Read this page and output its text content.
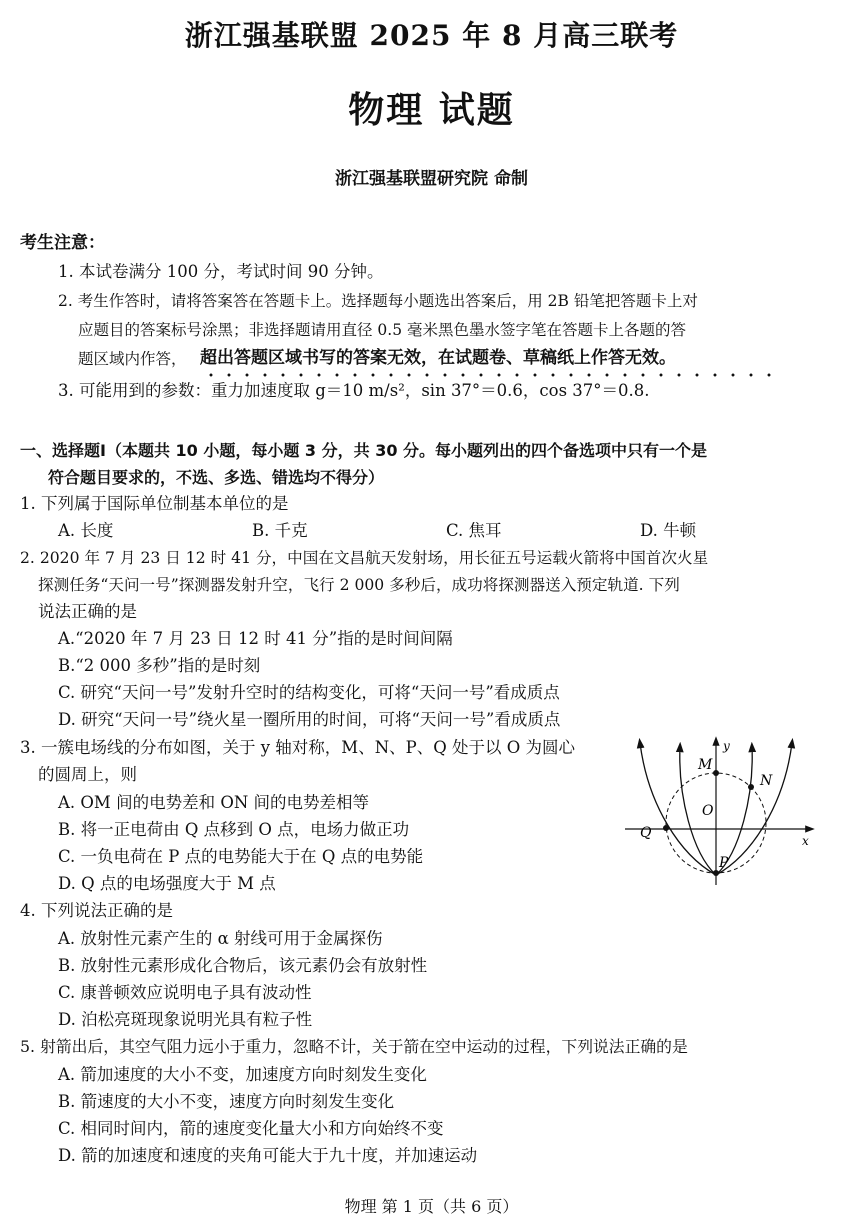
浙江强基联盟 2025 年 8 月高三联考
物理 试题
浙江强基联盟研究院 命制
考生注意：
1. 本试卷满分 100 分，考试时间 90 分钟。
2. 考生作答时，请将答案答在答题卡上。选择题每小题选出答案后，用 2B 铅笔把答题卡上对
应题目的答案标号涂黑；非选择题请用直径 0.5 毫米黑色墨水签字笔在答题卡上各题的答
题区域内作答， 超出答题区域书写的答案无效，在试题卷、草稿纸上作答无效。
3. 可能用到的参数：重力加速度取 g＝10 m/s²，sin 37°＝0.6，cos 37°＝0.8.
一、选择题Ⅰ（本题共 10 小题，每小题 3 分，共 30 分。每小题列出的四个备选项中只有一个是
符合题目要求的，不选、多选、错选均不得分）
1. 下列属于国际单位制基本单位的是
A. 长度	B. 千克	C. 焦耳	D. 牛顿
2. 2020 年 7 月 23 日 12 时 41 分，中国在文昌航天发射场，用长征五号运载火箭将中国首次火星
探测任务“天问一号”探测器发射升空，飞行 2 000 多秒后，成功将探测器送入预定轨道. 下列
说法正确的是
A.“2020 年 7 月 23 日 12 时 41 分”指的是时间间隔
B.“2 000 多秒”指的是时刻
C. 研究“天问一号”发射升空时的结构变化，可将“天问一号”看成质点
D. 研究“天问一号”绕火星一圈所用的时间，可将“天问一号”看成质点
3. 一簇电场线的分布如图，关于 y 轴对称，M、N、P、Q 处于以 O 为圆心
的圆周上，则
A. OM 间的电势差和 ON 间的电势差相等
B. 将一正电荷由 Q 点移到 O 点，电场力做正功
C. 一负电荷在 P 点的电势能大于在 Q 点的电势能
D. Q 点的电场强度大于 M 点
y
x
M
N
O
Q
P
4. 下列说法正确的是
A. 放射性元素产生的 α 射线可用于金属探伤
B. 放射性元素形成化合物后，该元素仍会有放射性
C. 康普顿效应说明电子具有波动性
D. 泊松亮斑现象说明光具有粒子性
5. 射箭出后，其空气阻力远小于重力，忽略不计，关于箭在空中运动的过程，下列说法正确的是
A. 箭加速度的大小不变，加速度方向时刻发生变化
B. 箭速度的大小不变，速度方向时刻发生变化
C. 相同时间内，箭的速度变化量大小和方向始终不变
D. 箭的加速度和速度的夹角可能大于九十度，并加速运动
物理 第 1 页（共 6 页）
